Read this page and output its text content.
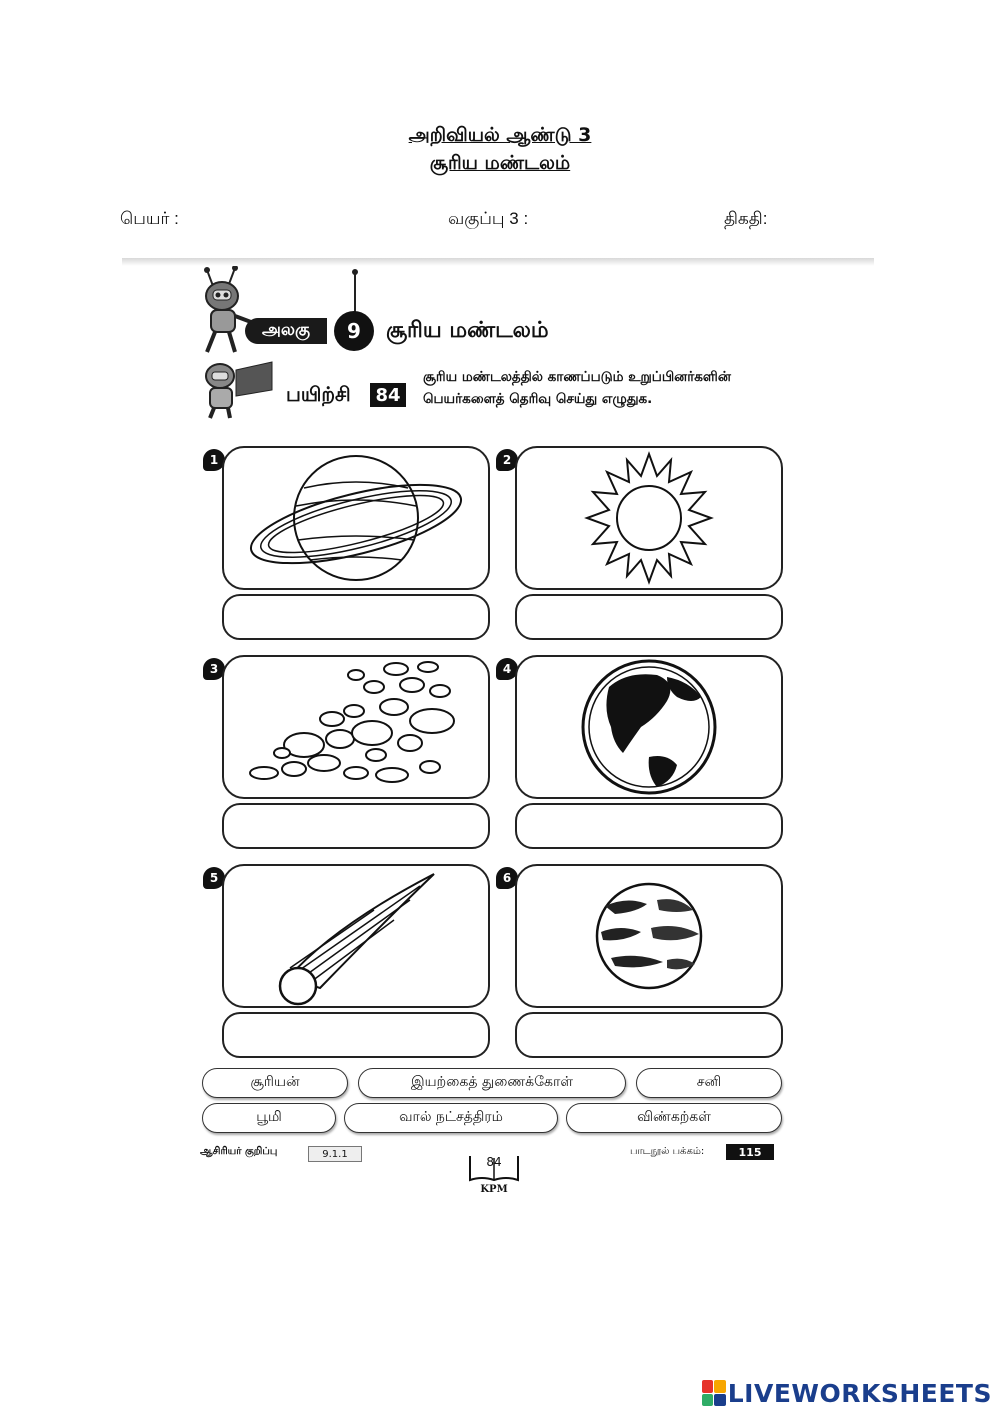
அறிவியல் ஆண்டு 3
சூரிய மண்டலம்
பெயர் :	வகுப்பு 3 :	திகதி:
அலகு	9	சூரிய மண்டலம்
பயிற்சி	84
சூரிய மண்டலத்தில் காணப்படும் உறுப்பினர்களின் பெயர்களைத் தெரிவு செய்து எழுதுக.
1	2
3	4
5	6
சூரியன்	இயற்கைத் துணைக்கோள்	சனி
பூமி	வால் நட்சத்திரம்	விண்கற்கள்
ஆசிரியர் குறிப்பு	9.1.1	பாடநூல் பக்கம்:	115
84
KPM
LIVEWORKSHEETS
